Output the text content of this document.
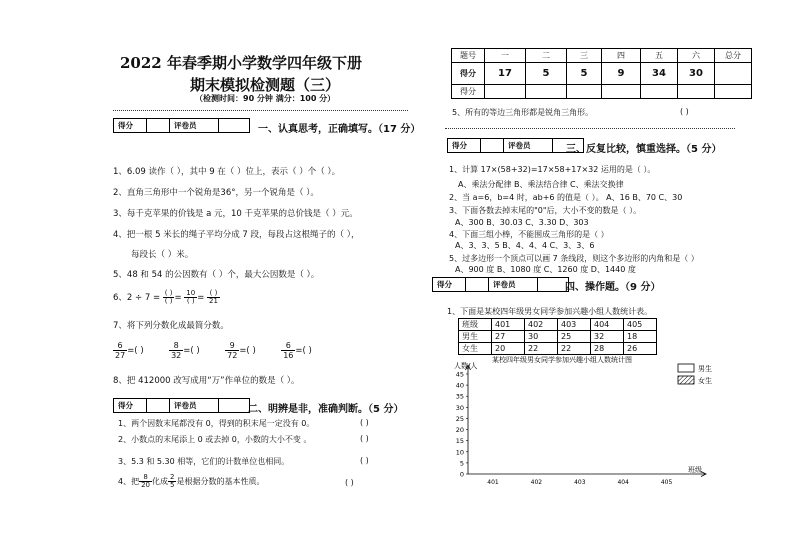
2022 年春季期小学数学四年级下册
期末模拟检测题（三）
（检测时间：90 分钟 满分：100 分）
得分		评卷员		一、认真思考，正确填写。（17 分）
1、6.09 读作（ ），其中 9 在（ ）位上，表示（ ）个（ ）。
2、直角三角形中一个锐角是36°，另一个锐角是（ ）。
3、每千克苹果的价钱是 a 元，10 千克苹果的总价钱是（ ）元。
4、把一根 5 米长的绳子平均分成 7 段，每段占这根绳子的（ ），
每段长（ ）米。
5、48 和 54 的公因数有（ ）个，最大公因数是（ ）。
6、$2 \div 7 = \frac{( )}{( )} = \frac{10}{( )} = \frac{( )}{21}$
7、将下列分数化成最简分数。
$\frac{6}{27}$ =( )	$\frac{8}{32}$ =( )	$\frac{9}{72}$ =( )	$\frac{6}{16}$ =( )
8、把 412000 改写成用“万”作单位的数是（ ）。
得分		评卷员		二、明辨是非，准确判断。（5 分）
1、两个因数末尾都没有 0，得到的积末尾一定没有 0。	( )
2、小数点的末尾添上 0 或去掉 0，小数的大小不变 。	( )
3、5.3 和 5.30 相等，它们的计数单位也相同。	( )
4、把 $\frac{8}{20}$ 化成 $\frac{2}{5}$ 是根据分数的基本性质。	( )
题号	一	二	三	四	五	六	总分
得分	17	5	5	9	34	30	
得分							
5、所有的等边三角形都是锐角三角形。	( )
得分		评卷员		三、反复比较，慎重选择。（5 分）
1、计算 17×(58+32)=17×58+17×32 运用的是（ ）。
A、乘法分配律 B、乘法结合律 C、乘法交换律
2、当 a=6，b=4 时，ab+6 的值是（ ）。 A、16 B、70 C、30
3、下面各数去掉末尾的"0"后，大小不变的数是（ ）。
A、300 B、30.03 C、3.30 D、303
4、下面三组小棒，不能围成三角形的是（ ）
A、3、3、5 B、4、4、4 C、3、3、6
5、过多边形一个顶点可以画 7 条线段，则这个多边形的内角和是（ ）
A、900 度 B、1080 度 C、1260 度 D、1440 度
得分		评卷员		四、操作题。（9 分）
1、下面是某校四年级男女同学参加兴趣小组人数统计表。
班级	401	402	403	404	405
男生	27	30	25	32	18
女生	20	22	22	28	26
人数/人
某校四年级男女同学参加兴趣小组人数统计图
男生
女生
0
5
10
15
20
25
30
35
40
45
401	402	403	404	405
班级
